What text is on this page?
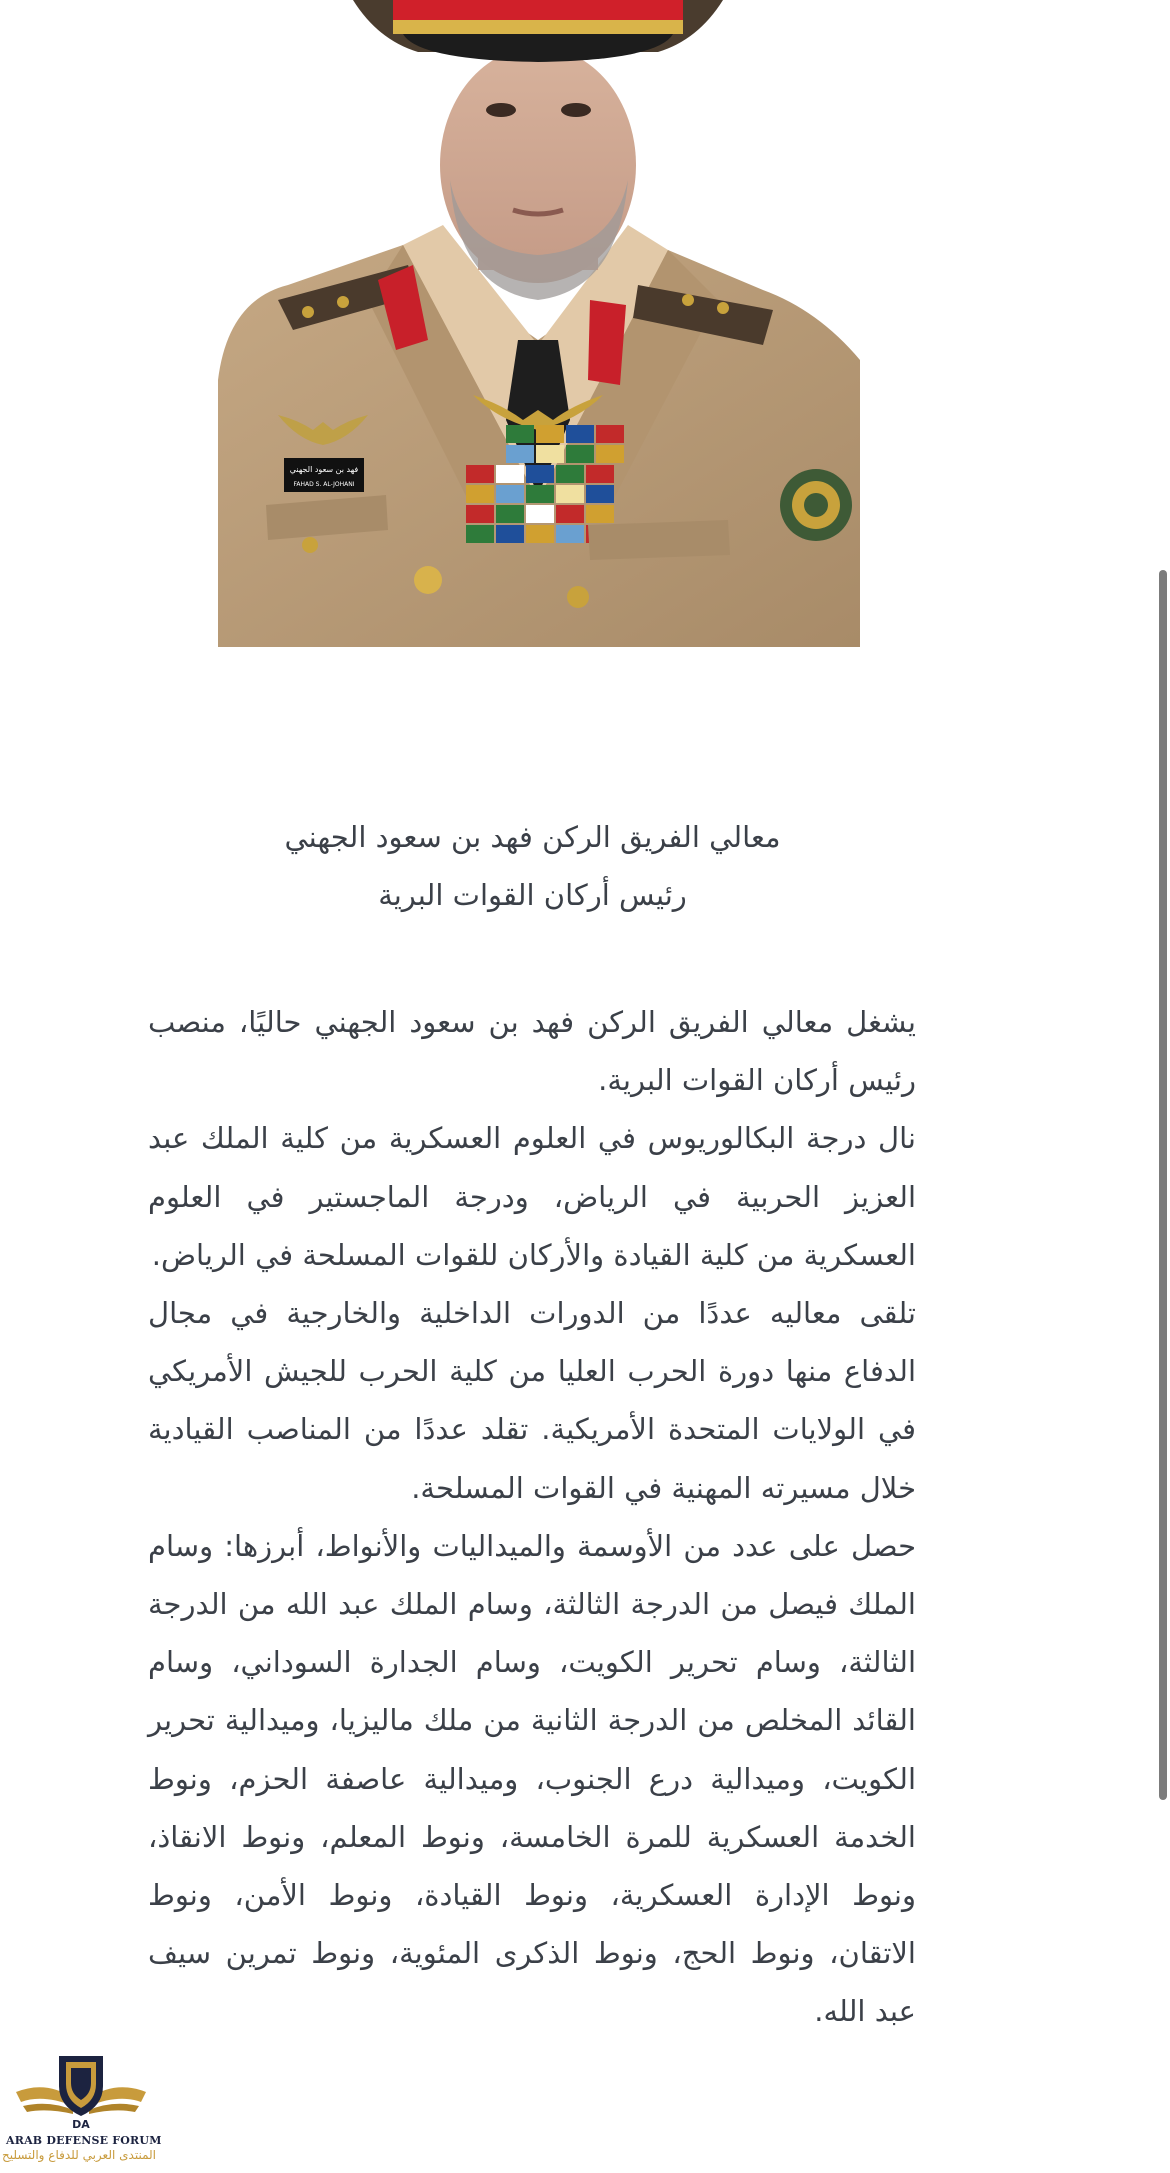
فهد بن سعود الجهني
FAHAD S. AL-JOHANI
معالي الفريق الركن فهد بن سعود الجهني
رئيس أركان القوات البرية

يشغل معالي الفريق الركن فهد بن سعود الجهني حاليًا، منصب رئيس أركان القوات البرية.

نال درجة البكالوريوس في العلوم العسكرية من كلية الملك عبد العزيز الحربية في الرياض، ودرجة الماجستير في العلوم العسكرية من كلية القيادة والأركان للقوات المسلحة في الرياض.

تلقى معاليه عددًا من الدورات الداخلية والخارجية في مجال الدفاع منها دورة الحرب العليا من كلية الحرب للجيش الأمريكي في الولايات المتحدة الأمريكية. تقلد عددًا من المناصب القيادية خلال مسيرته المهنية في القوات المسلحة.

حصل على عدد من الأوسمة والميداليات والأنواط، أبرزها: وسام الملك فيصل من الدرجة الثالثة، وسام الملك عبد الله من الدرجة الثالثة، وسام تحرير الكويت، وسام الجدارة السوداني، وسام القائد المخلص من الدرجة الثانية من ملك ماليزيا، وميدالية تحرير الكويت، وميدالية درع الجنوب، وميدالية عاصفة الحزم، ونوط الخدمة العسكرية للمرة الخامسة، ونوط المعلم، ونوط الانقاذ، ونوط الإدارة العسكرية، ونوط القيادة، ونوط الأمن، ونوط الاتقان، ونوط الحج، ونوط الذكرى المئوية، ونوط تمرين سيف عبد الله.

DA
ARAB DEFENSE FORUM
المنتدى العربي للدفاع والتسليح
